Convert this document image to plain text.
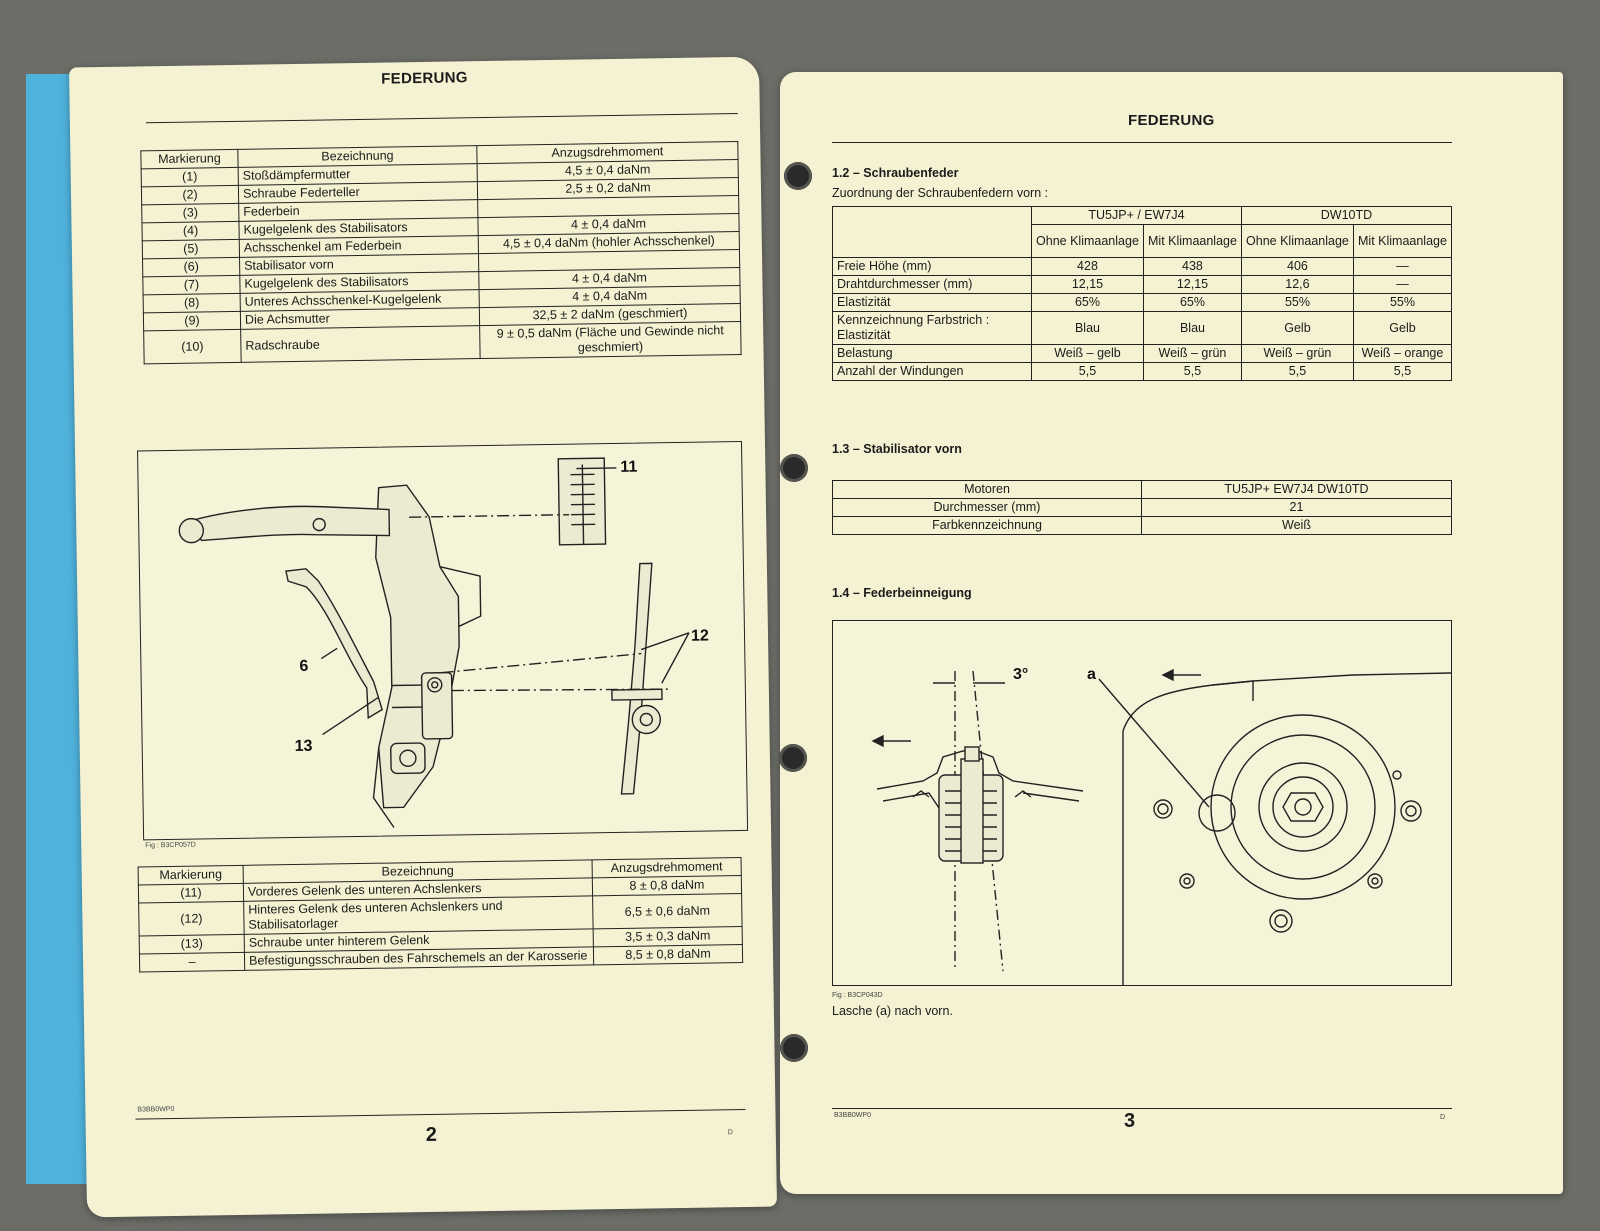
FEDERUNG
Markierung	Bezeichnung	Anzugsdrehmoment
(1)	Stoßdämpfermutter	4,5 ± 0,4 daNm
(2)	Schraube Federteller	2,5 ± 0,2 daNm
(3)	Federbein	
(4)	Kugelgelenk des Stabilisators	4 ± 0,4 daNm
(5)	Achsschenkel am Federbein	4,5 ± 0,4 daNm (hohler Achsschenkel)
(6)	Stabilisator vorn	
(7)	Kugelgelenk des Stabilisators	4 ± 0,4 daNm
(8)	Unteres Achsschenkel-Kugelgelenk	4 ± 0,4 daNm
(9)	Die Achsmutter	32,5 ± 2 daNm (geschmiert)
(10)	Radschraube	9 ± 0,5 daNm (Fläche und Gewinde nicht geschmiert)
11
12
6
13
Fig : B3CP057D
Markierung	Bezeichnung	Anzugsdrehmoment
(11)	Vorderes Gelenk des unteren Achslenkers	8 ± 0,8 daNm
(12)	Hinteres Gelenk des unteren Achslenkers und Stabilisatorlager	6,5 ± 0,6 daNm
(13)	Schraube unter hinterem Gelenk	3,5 ± 0,3 daNm
–	Befestigungsschrauben des Fahrschemels an der Karosserie	8,5 ± 0,8 daNm
B3BB0WP0
2	D
FEDERUNG
1.2 – Schraubenfeder
Zuordnung der Schraubenfedern vorn :
	TU5JP+ / EW7J4		DW10TD	
	Ohne Klimaanlage	Mit Klimaanlage	Ohne Klimaanlage	Mit Klimaanlage
Freie Höhe (mm)	428	438	406	—
Drahtdurchmesser (mm)	12,15	12,15	12,6	—
Elastizität	65%	65%	55%	55%
Kennzeichnung Farbstrich : Elastizität	Blau	Blau	Gelb	Gelb
Belastung	Weiß – gelb	Weiß – grün	Weiß – grün	Weiß – orange
Anzahl der Windungen	5,5	5,5	5,5	5,5
1.3 – Stabilisator vorn
Motoren	TU5JP+ EW7J4 DW10TD
Durchmesser (mm)	21
Farbkennzeichnung	Weiß
1.4 – Federbeinneigung
3°	a
Fig : B3CP043D
Lasche (a) nach vorn.
B3BB0WP0	3	D
